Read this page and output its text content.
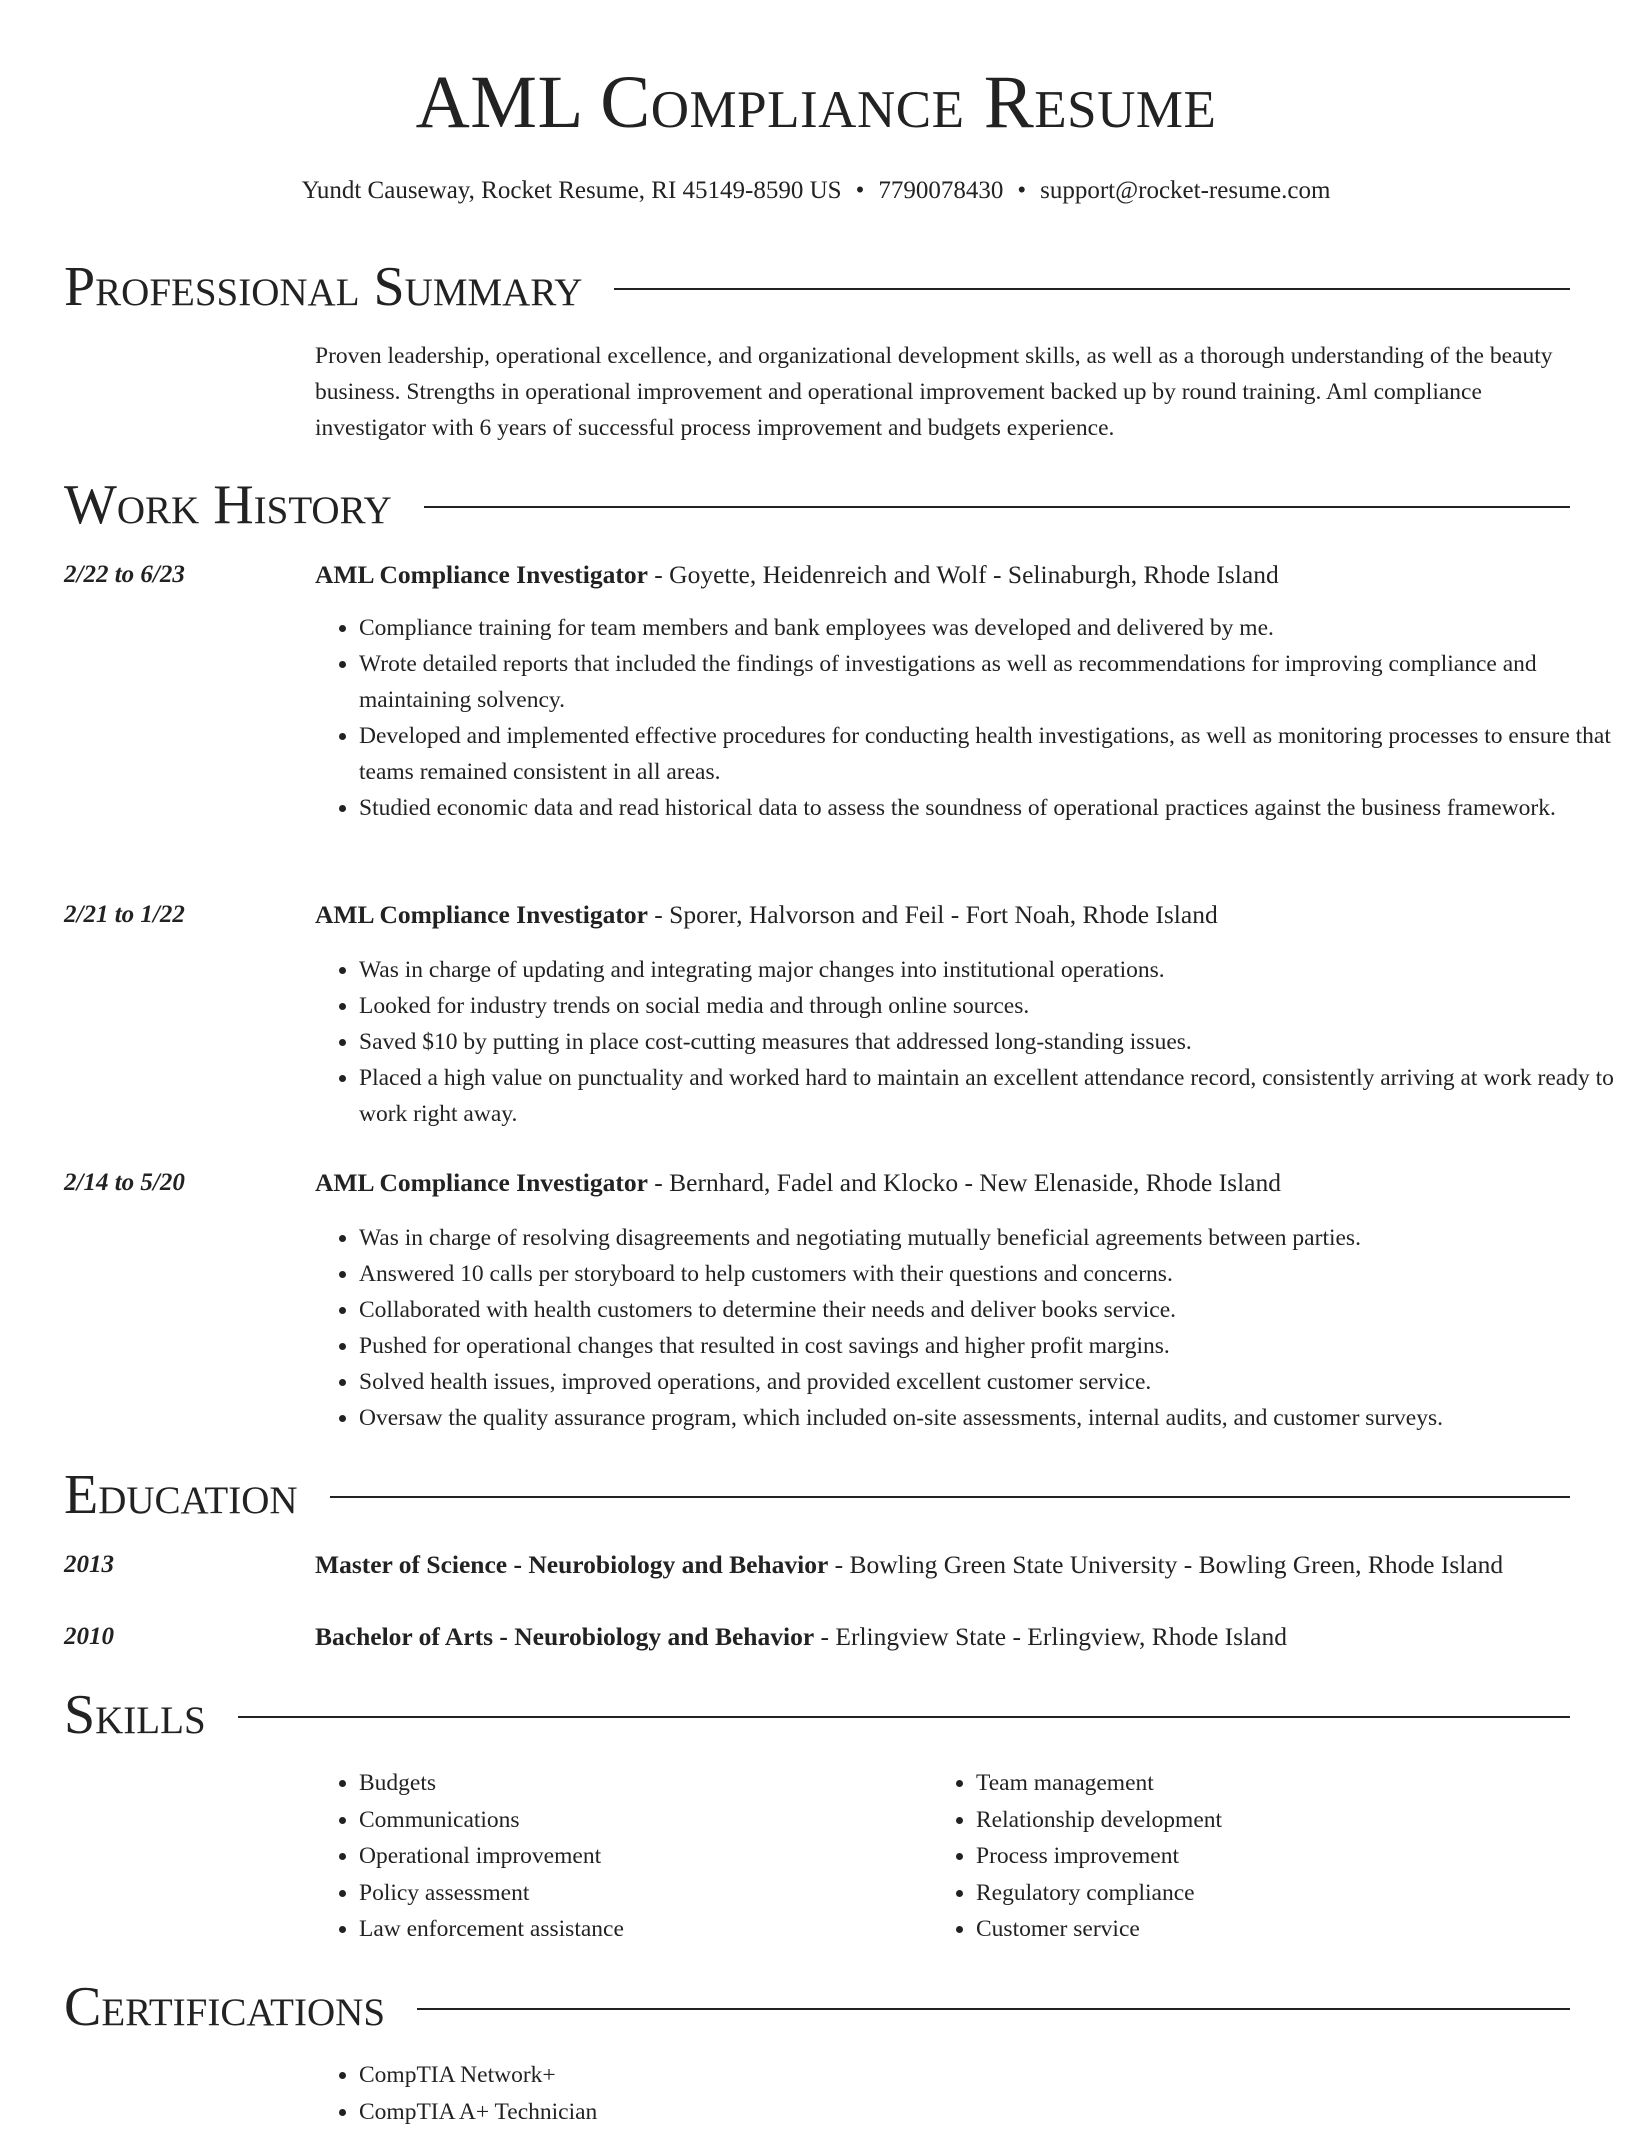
AML Compliance Resume
Yundt Causeway, Rocket Resume, RI 45149-8590 US • 7790078430 • support@rocket-resume.com
Professional Summary

Proven leadership, operational excellence, and organizational development skills, as well as a thorough understanding of the beauty business. Strengths in operational improvement and operational improvement backed up by round training. Aml compliance investigator with 6 years of successful process improvement and budgets experience.

Work History
2/22 to 6/23	AML Compliance Investigator - Goyette, Heidenreich and Wolf - Selinaburgh, Rhode Island
• Compliance training for team members and bank employees was developed and delivered by me.
• Wrote detailed reports that included the findings of investigations as well as recommendations for improving compliance and maintaining solvency.
• Developed and implemented effective procedures for conducting health investigations, as well as monitoring processes to ensure that teams remained consistent in all areas.
• Studied economic data and read historical data to assess the soundness of operational practices against the business framework.
2/21 to 1/22	AML Compliance Investigator - Sporer, Halvorson and Feil - Fort Noah, Rhode Island
• Was in charge of updating and integrating major changes into institutional operations.
• Looked for industry trends on social media and through online sources.
• Saved $10 by putting in place cost-cutting measures that addressed long-standing issues.
• Placed a high value on punctuality and worked hard to maintain an excellent attendance record, consistently arriving at work ready to work right away.
2/14 to 5/20	AML Compliance Investigator - Bernhard, Fadel and Klocko - New Elenaside, Rhode Island
• Was in charge of resolving disagreements and negotiating mutually beneficial agreements between parties.
• Answered 10 calls per storyboard to help customers with their questions and concerns.
• Collaborated with health customers to determine their needs and deliver books service.
• Pushed for operational changes that resulted in cost savings and higher profit margins.
• Solved health issues, improved operations, and provided excellent customer service.
• Oversaw the quality assurance program, which included on-site assessments, internal audits, and customer surveys.
Education
2013	Master of Science - Neurobiology and Behavior - Bowling Green State University - Bowling Green, Rhode Island
2010	Bachelor of Arts - Neurobiology and Behavior - Erlingview State - Erlingview, Rhode Island
Skills
• Budgets
• Communications
• Operational improvement
• Policy assessment
• Law enforcement assistance
• Team management
• Relationship development
• Process improvement
• Regulatory compliance
• Customer service
Certifications
• CompTIA Network+
• CompTIA A+ Technician
